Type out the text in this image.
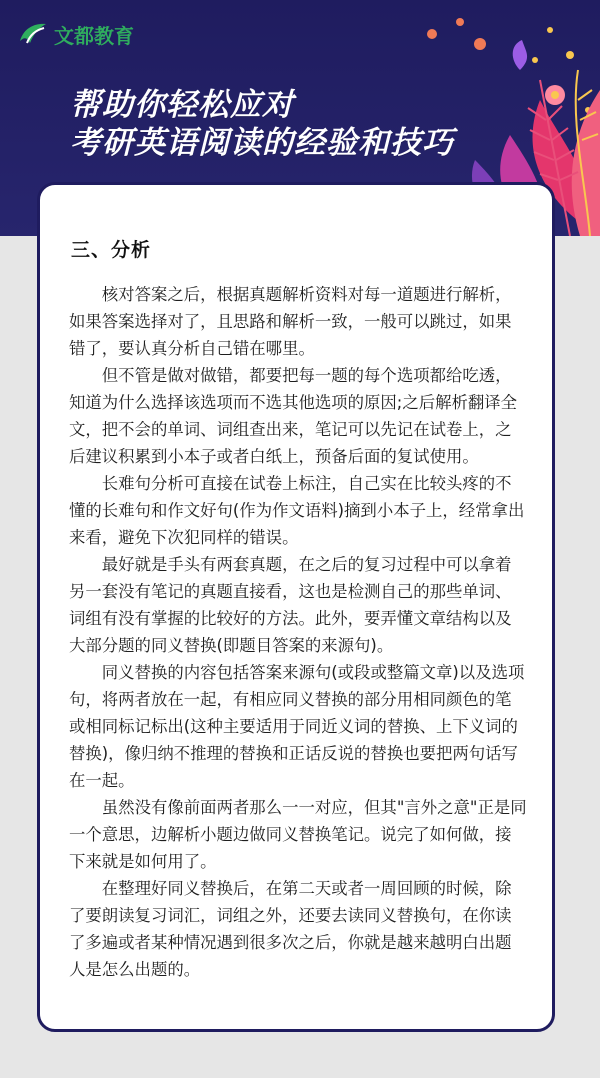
文都教育
帮助你轻松应对
考研英语阅读的经验和技巧
三、分析

核对答案之后，根据真题解析资料对每一道题进行解析，如果答案选择对了，且思路和解析一致，一般可以跳过，如果错了，要认真分析自己错在哪里。

但不管是做对做错，都要把每一题的每个选项都给吃透，知道为什么选择该选项而不选其他选项的原因;之后解析翻译全文，把不会的单词、词组查出来，笔记可以先记在试卷上，之后建议积累到小本子或者白纸上，预备后面的复试使用。

长难句分析可直接在试卷上标注，自己实在比较头疼的不懂的长难句和作文好句(作为作文语料)摘到小本子上，经常拿出来看，避免下次犯同样的错误。

最好就是手头有两套真题，在之后的复习过程中可以拿着另一套没有笔记的真题直接看，这也是检测自己的那些单词、词组有没有掌握的比较好的方法。此外，要弄懂文章结构以及大部分题的同义替换(即题目答案的来源句)。

同义替换的内容包括答案来源句(或段或整篇文章)以及选项句，将两者放在一起，有相应同义替换的部分用相同颜色的笔或相同标记标出(这种主要适用于同近义词的替换、上下义词的替换)，像归纳不推理的替换和正话反说的替换也要把两句话写在一起。

虽然没有像前面两者那么一一对应，但其"言外之意"正是同一个意思，边解析小题边做同义替换笔记。说完了如何做，接下来就是如何用了。

在整理好同义替换后，在第二天或者一周回顾的时候，除了要朗读复习词汇，词组之外，还要去读同义替换句，在你读了多遍或者某种情况遇到很多次之后，你就是越来越明白出题人是怎么出题的。
